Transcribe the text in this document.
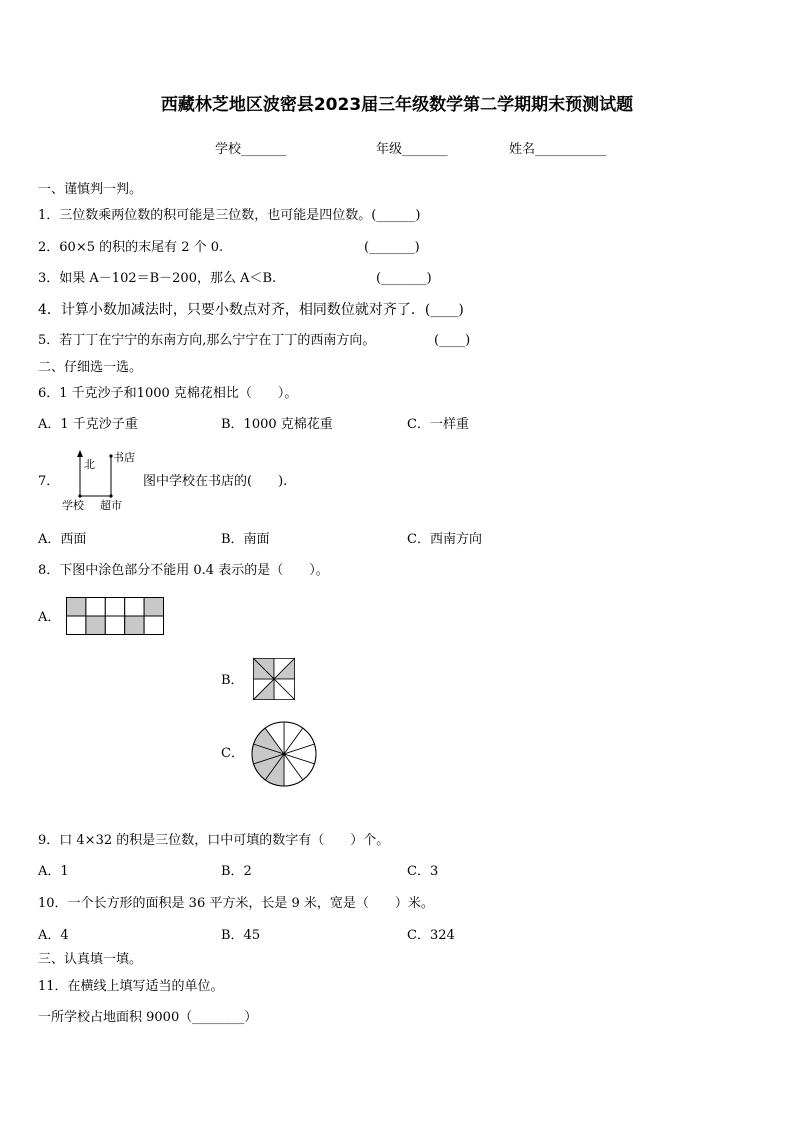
西藏林芝地区波密县2023届三年级数学第二学期期末预测试题
学校_______	年级_______	姓名___________
一、谨慎判一判。
1．三位数乘两位数的积可能是三位数，也可能是四位数。(______)
2．60×5 的积的末尾有 2 个 0.	(_______)
3．如果 A－102＝B－200，那么 A＜B.	(_______)
4．计算小数加减法时，只要小数点对齐，相同数位就对齐了．(____)
5．若丁丁在宁宁的东南方向,那么宁宁在丁丁的西南方向。	(____)
二、仔细选一选。
6．1 千克沙子和1000 克棉花相比（　　）。
A．1 千克沙子重	B．1000 克棉花重	C．一样重
7．
北
书店
学校 超市
图中学校在书店的(　　).
A．西面	B．南面	C．西南方向
8．下图中涂色部分不能用 0.4 表示的是（　　）。
A．
B．
C．
9．口 4×32 的积是三位数，口中可填的数字有（　　）个。
A．1	B．2	C．3
10．一个长方形的面积是 36 平方米，长是 9 米，宽是（　　）米。
A．4	B．45	C．324
三、认真填一填。
11．在横线上填写适当的单位。
一所学校占地面积 9000（________）
